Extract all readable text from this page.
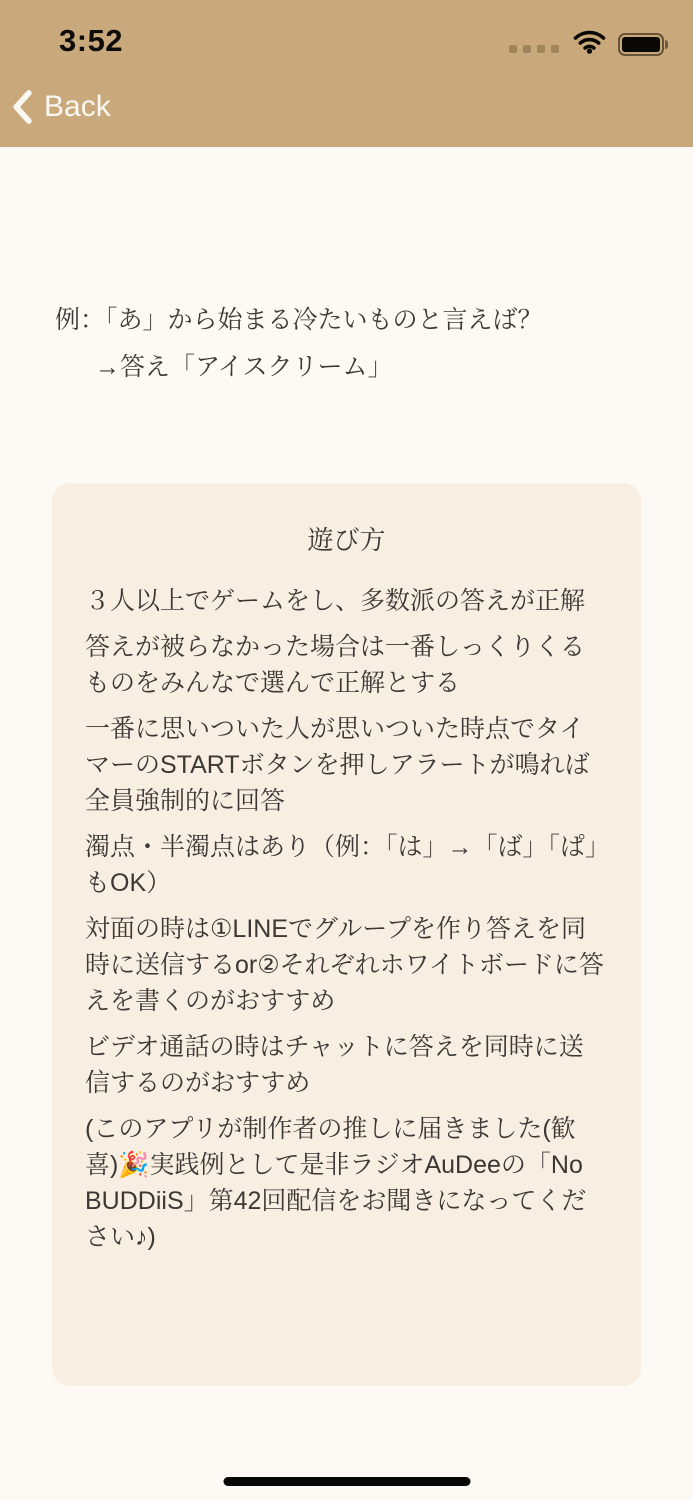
3:52
Back
例：「あ」から始まる冷たいものと言えば？
→答え「アイスクリーム」
遊び方

３人以上でゲームをし、多数派の答えが正解

答えが被らなかった場合は一番しっくりくるものをみんなで選んで正解とする

一番に思いついた人が思いついた時点でタイマーのSTARTボタンを押しアラートが鳴れば全員強制的に回答

濁点・半濁点はあり（例：「は」→「ば」「ぱ」もOK）

対面の時は①LINEでグループを作り答えを同時に送信するor②それぞれホワイトボードに答えを書くのがおすすめ

ビデオ通話の時はチャットに答えを同時に送信するのがおすすめ

(このアプリが制作者の推しに届きました(歓喜)🎉実践例として是非ラジオAuDeeの「No BUDDiiS」第42回配信をお聞きになってください♪)
